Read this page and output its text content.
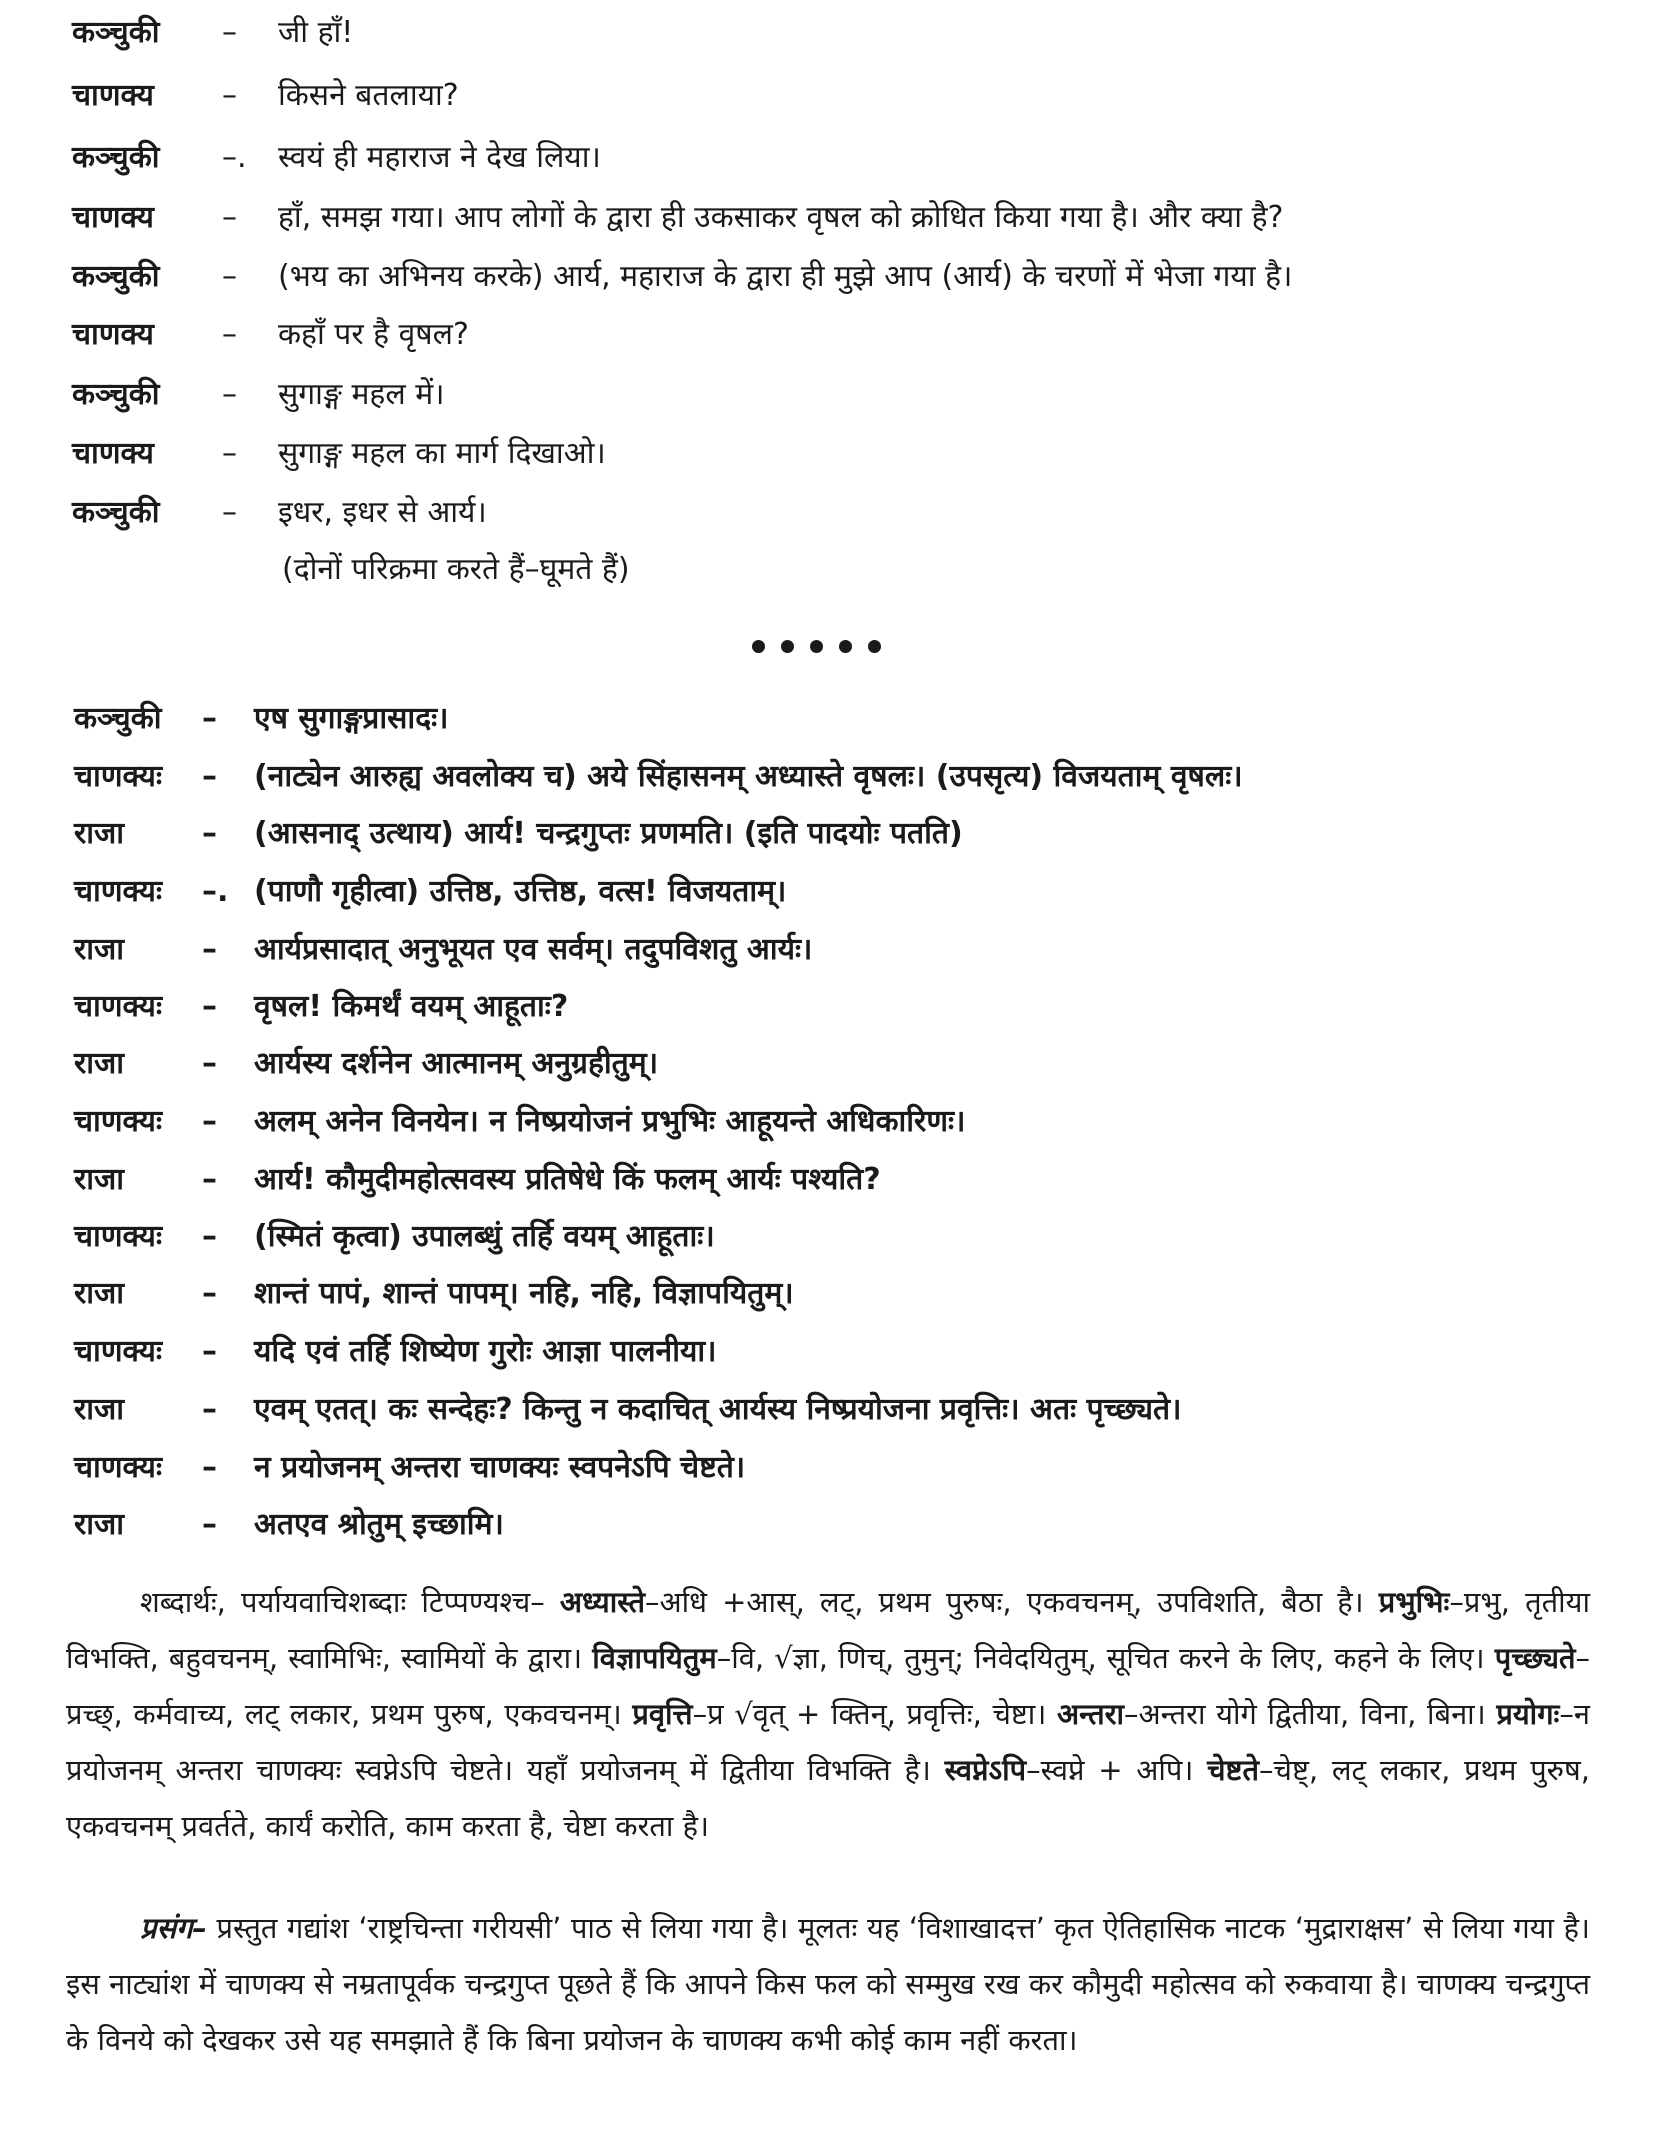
कञ्चुकी – जी हाँ!
चाणक्य – किसने बतलाया?
कञ्चुकी –. स्वयं ही महाराज ने देख लिया।
चाणक्य – हाँ, समझ गया। आप लोगों के द्वारा ही उकसाकर वृषल को क्रोधित किया गया है। और क्या है?
कञ्चुकी – (भय का अभिनय करके) आर्य, महाराज के द्वारा ही मुझे आप (आर्य) के चरणों में भेजा गया है।
चाणक्य – कहाँ पर है वृषल?
कञ्चुकी – सुगाङ्ग महल में।
चाणक्य – सुगाङ्ग महल का मार्ग दिखाओ।
कञ्चुकी – इधर, इधर से आर्य।
(दोनों परिक्रमा करते हैं–घूमते हैं)
कञ्चुकी – एष सुगाङ्गप्रासादः।
चाणक्यः – (नाट्येन आरुह्य अवलोक्य च) अये सिंहासनम् अध्यास्ते वृषलः। (उपसृत्य) विजयताम् वृषलः।
राजा	– (आसनाद् उत्थाय) आर्य! चन्द्रगुप्तः प्रणमति। (इति पादयोः पतति)
चाणक्यः –. (पाणौ गृहीत्वा) उत्तिष्ठ, उत्तिष्ठ, वत्स! विजयताम्।
राजा	– आर्यप्रसादात् अनुभूयत एव सर्वम्। तदुपविशतु आर्यः।
चाणक्यः – वृषल! किमर्थं वयम् आहूताः?
राजा	– आर्यस्य दर्शनेन आत्मानम् अनुग्रहीतुम्।
चाणक्यः – अलम् अनेन विनयेन। न निष्प्रयोजनं प्रभुभिः आहूयन्ते अधिकारिणः।
राजा	– आर्य! कौमुदीमहोत्सवस्य प्रतिषेधे किं फलम् आर्यः पश्यति?
चाणक्यः – (स्मितं कृत्वा) उपालब्धुं तर्हि वयम् आहूताः।
राजा	– शान्तं पापं, शान्तं पापम्। नहि, नहि, विज्ञापयितुम्।
चाणक्यः – यदि एवं तर्हि शिष्येण गुरोः आज्ञा पालनीया।
राजा	– एवम् एतत्। कः सन्देहः? किन्तु न कदाचित् आर्यस्य निष्प्रयोजना प्रवृत्तिः। अतः पृच्छ्यते।
चाणक्यः – न प्रयोजनम् अन्तरा चाणक्यः स्वपनेऽपि चेष्टते।
राजा	– अतएव श्रोतुम् इच्छामि।

शब्दार्थः, पर्यायवाचिशब्दाः टिप्पण्यश्च– अध्यास्ते–अधि +आस्, लट्, प्रथम पुरुषः, एकवचनम्, उपविशति, बैठा है। प्रभुभिः–प्रभु, तृतीया विभक्ति, बहुवचनम्, स्वामिभिः, स्वामियों के द्वारा। विज्ञापयितुम–वि, √ज्ञा, णिच्, तुमुन्; निवेदयितुम्, सूचित करने के लिए, कहने के लिए। पृच्छ्यते–प्रच्छ्, कर्मवाच्य, लट् लकार, प्रथम पुरुष, एकवचनम्। प्रवृत्ति–प्र √वृत् + क्तिन्, प्रवृत्तिः, चेष्टा। अन्तरा–अन्तरा योगे द्वितीया, विना, बिना। प्रयोगः–न प्रयोजनम् अन्तरा चाणक्यः स्वप्नेऽपि चेष्टते। यहाँ प्रयोजनम् में द्वितीया विभक्ति है। स्वप्नेऽपि–स्वप्ने + अपि। चेष्टते–चेष्ट्, लट् लकार, प्रथम पुरुष, एकवचनम् प्रवर्तते, कार्यं करोति, काम करता है, चेष्टा करता है।

प्रसंग– प्रस्तुत गद्यांश ‘राष्ट्रचिन्ता गरीयसी’ पाठ से लिया गया है। मूलतः यह ‘विशाखादत्त’ कृत ऐतिहासिक नाटक ‘मुद्राराक्षस’ से लिया गया है। इस नाट्यांश में चाणक्य से नम्रतापूर्वक चन्द्रगुप्त पूछते हैं कि आपने किस फल को सम्मुख रख कर कौमुदी महोत्सव को रुकवाया है। चाणक्य चन्द्रगुप्त के विनये को देखकर उसे यह समझाते हैं कि बिना प्रयोजन के चाणक्य कभी कोई काम नहीं करता।
